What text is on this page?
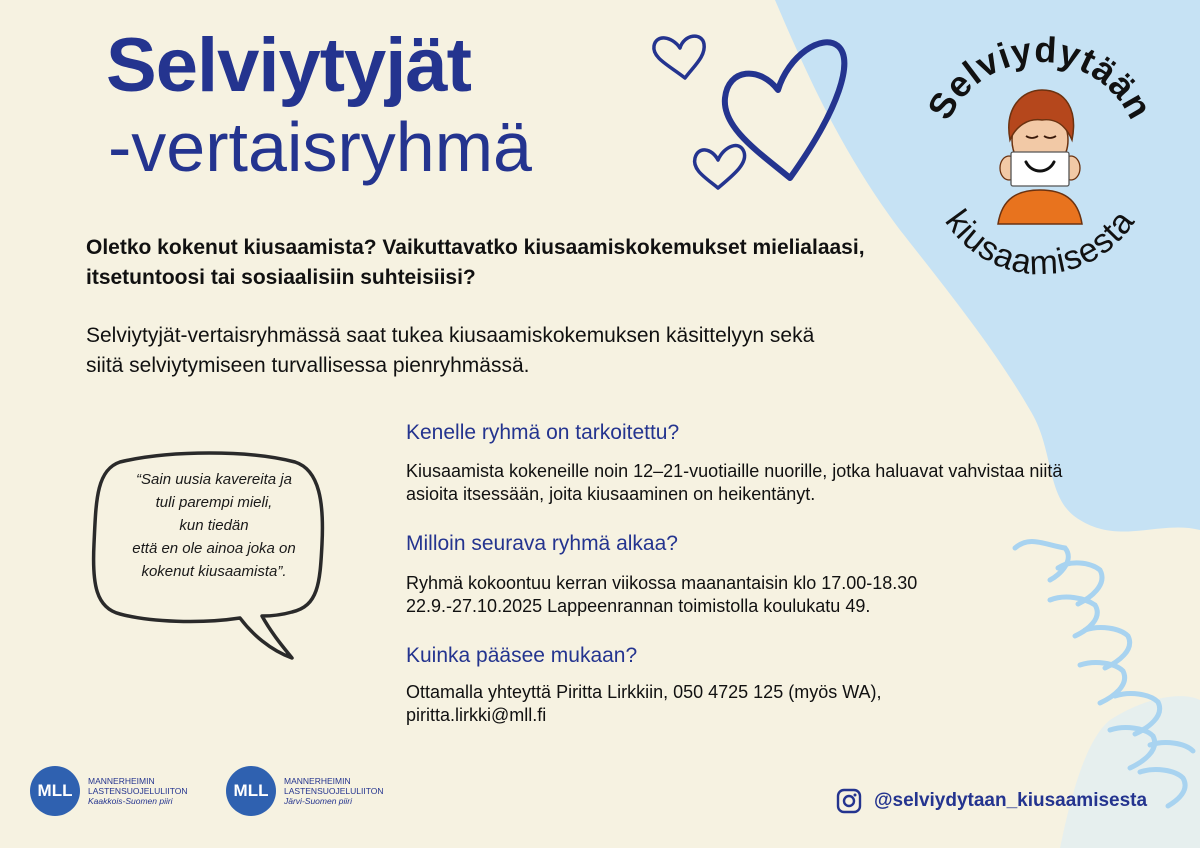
Selviytyjät
-vertaisryhmä
Oletko kokenut kiusaamista? Vaikuttavatko kiusaamiskokemukset mielialaasi, itsetuntoosi tai sosiaalisiin suhteisiisi?
Selviytyjät-vertaisryhmässä saat tukea kiusaamiskokemuksen käsittelyyn sekä siitä selviytymiseen turvallisessa pienryhmässä.
Kenelle ryhmä on tarkoitettu?
Kiusaamista kokeneille noin 12–21-vuotiaille nuorille, jotka haluavat vahvistaa niitä asioita itsessään, joita kiusaaminen on heikentänyt.
Milloin seurava ryhmä alkaa?
Ryhmä kokoontuu kerran viikossa maanantaisin klo 17.00-18.30 22.9.-27.10.2025 Lappeenrannan toimistolla koulukatu 49.
Kuinka pääsee mukaan?
Ottamalla yhteyttä Piritta Lirkkiin, 050 4725 125 (myös WA), piritta.lirkki@mll.fi
“Sain uusia kavereita ja
tuli parempi mieli,
kun tiedän
että en ole ainoa joka on
kokenut kiusaamista”.
Selviydytään
kiusaamisesta
MLL	MANNERHEIMIN
LASTENSUOJELULIITON
Kaakkois-Suomen piiri
MLL	MANNERHEIMIN
LASTENSUOJELULIITON
Järvi-Suomen piiri	@selviydytaan_kiusaamisesta
